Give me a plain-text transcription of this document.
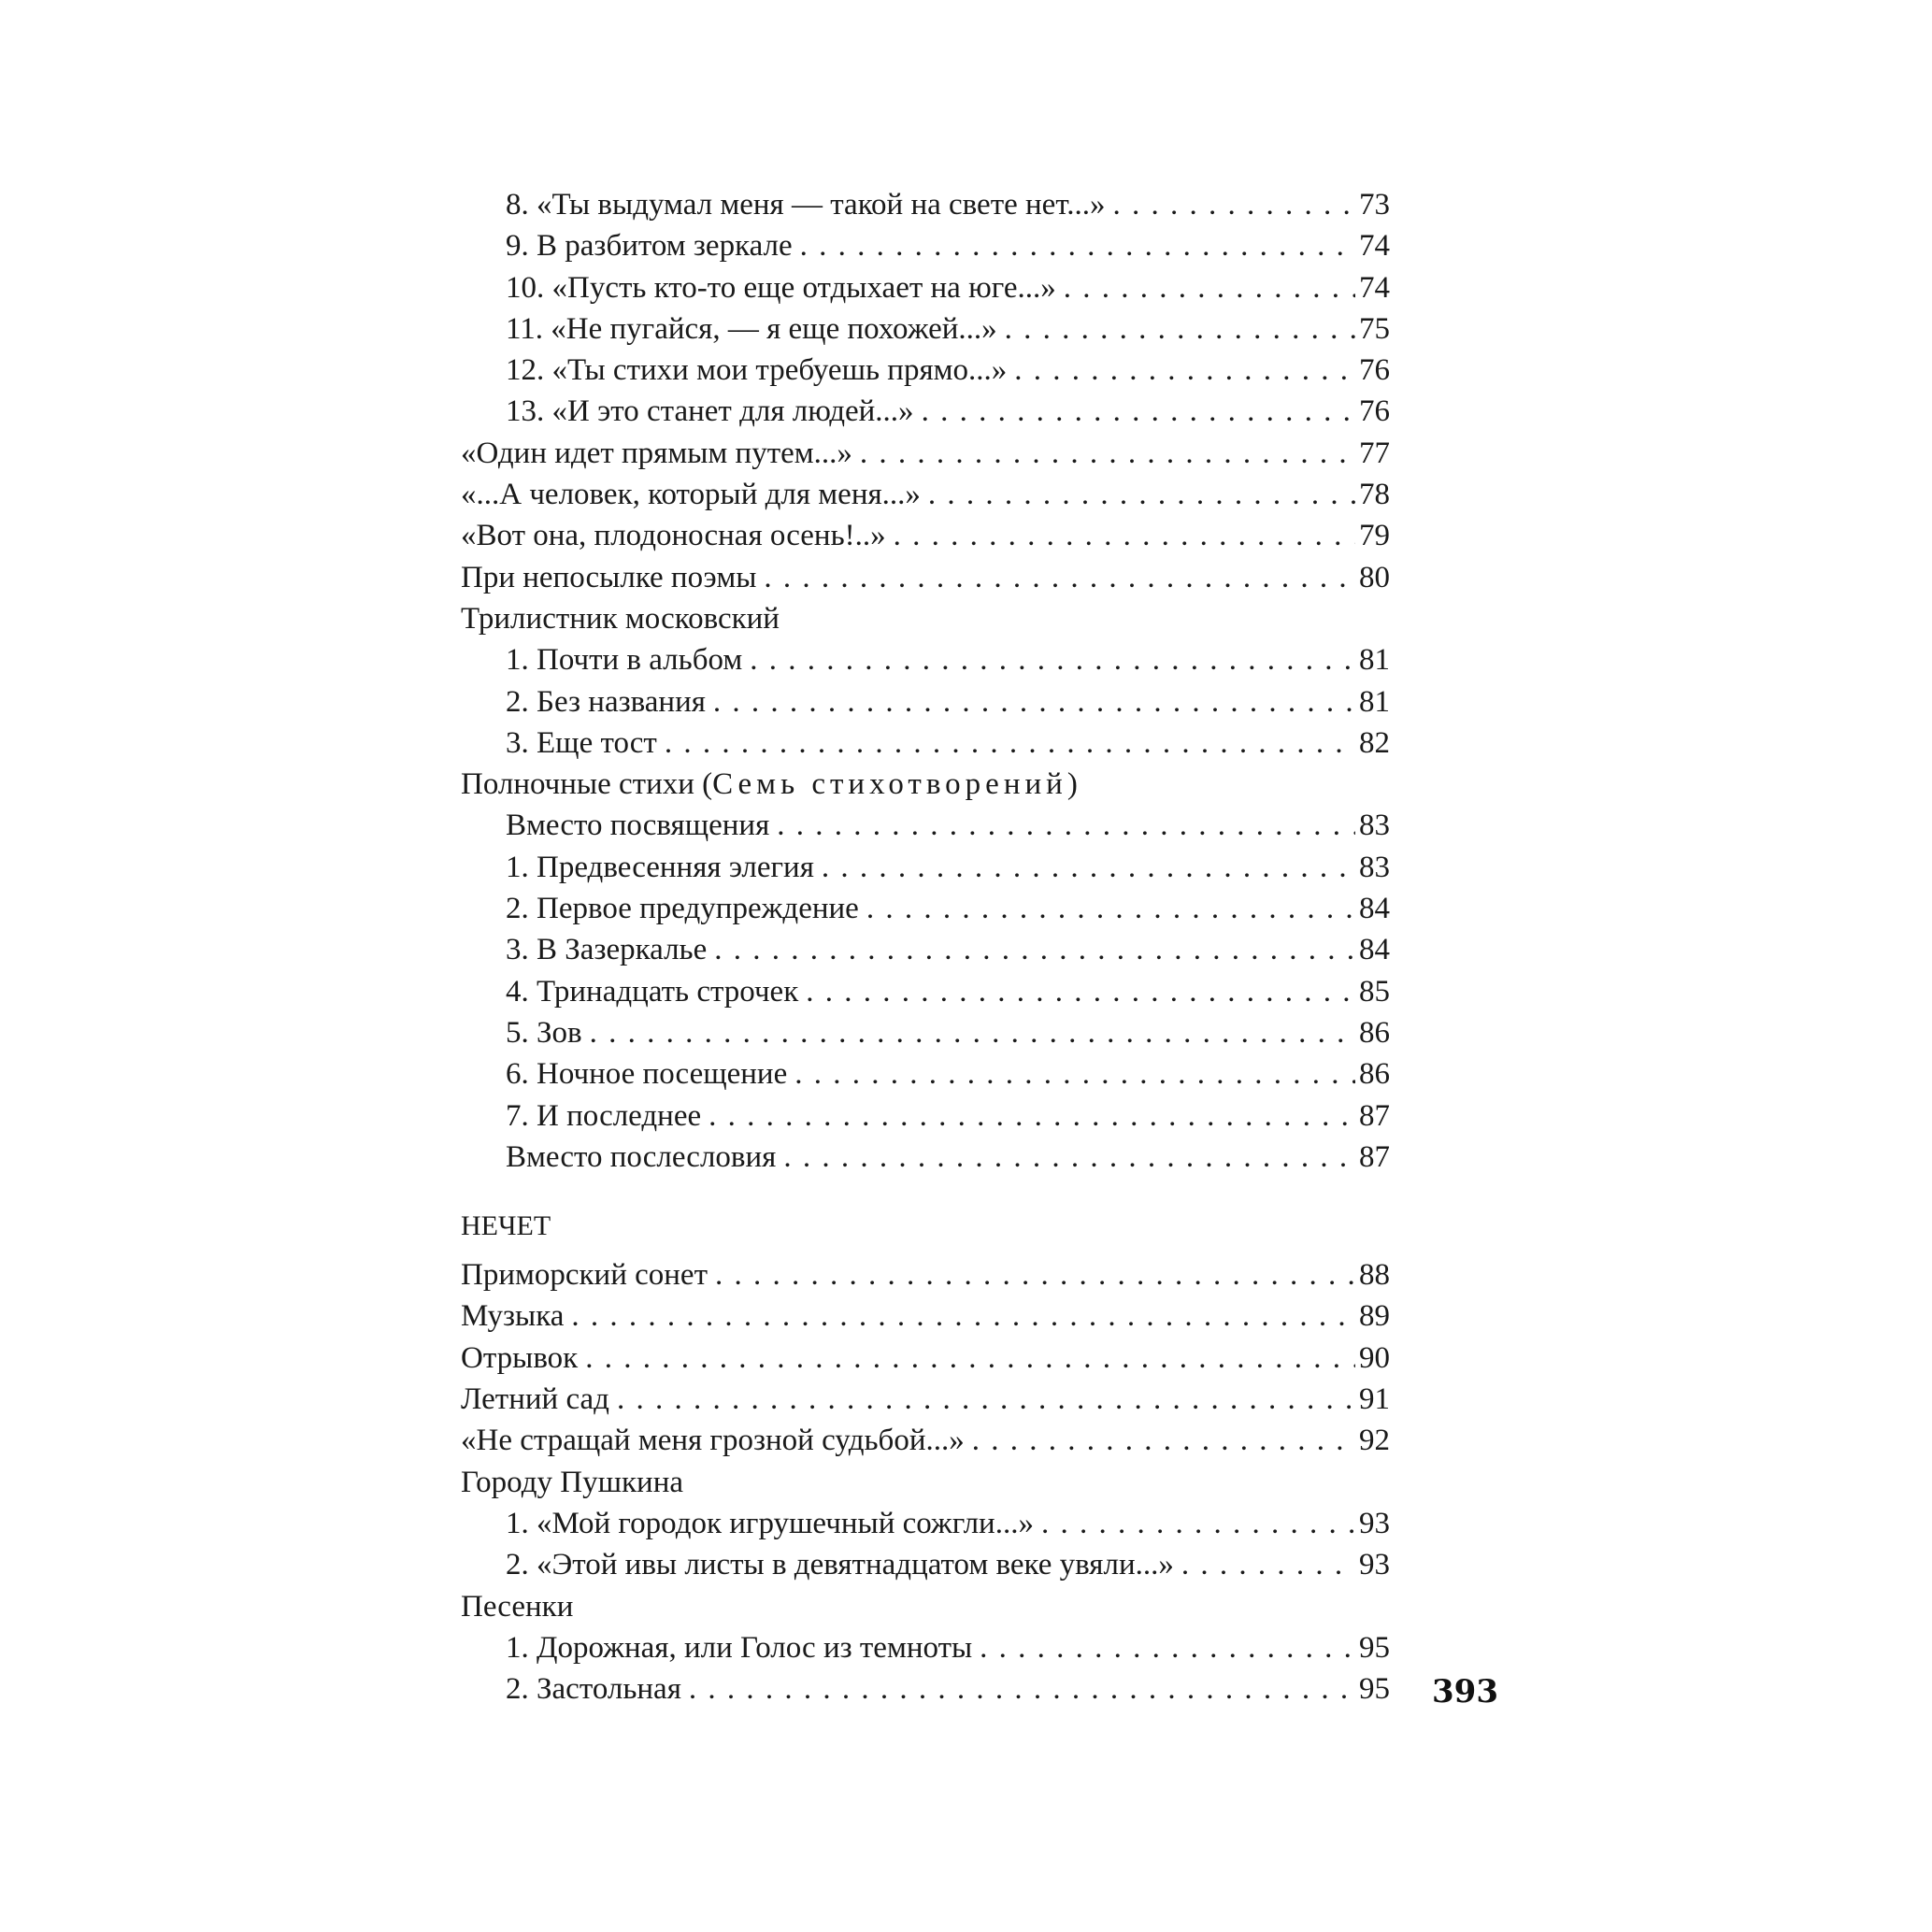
8. «Ты выдумал меня — такой на свете нет...» . . .	73
9. В разбитом зеркале . . .	74
10. «Пусть кто-то еще отдыхает на юге...» . . .	74
11. «Не пугайся, — я еще похожей...» . . .	75
12. «Ты стихи мои требуешь прямо...» . . .	76
13. «И это станет для людей...» . . .	76
«Один идет прямым путем...» . . .	77
«...А человек, который для меня...» . . .	78
«Вот она, плодоносная осень!..» . . .	79
При непосылке поэмы . . .	80
Трилистник московский
1. Почти в альбом . . .	81
2. Без названия . . .	81
3. Еще тост . . .	82
Полночные стихи (Семь стихотворений)
Вместо посвящения . . .	83
1. Предвесенняя элегия . . .	83
2. Первое предупреждение . . .	84
3. В Зазеркалье . . .	84
4. Тринадцать строчек . . .	85
5. Зов . . .	86
6. Ночное посещение . . .	86
7. И последнее . . .	87
Вместо послесловия . . .	87
НЕЧЕТ
Приморский сонет . . .	88
Музыка . . .	89
Отрывок . . .	90
Летний сад . . .	91
«Не стращай меня грозной судьбой...» . . .	92
Городу Пушкина
1. «Мой городок игрушечный сожгли...» . . .	93
2. «Этой ивы листы в девятнадцатом веке увяли...» . . .	93
Песенки
1. Дорожная, или Голос из темноты . . .	95
2. Застольная . . .	95 393
